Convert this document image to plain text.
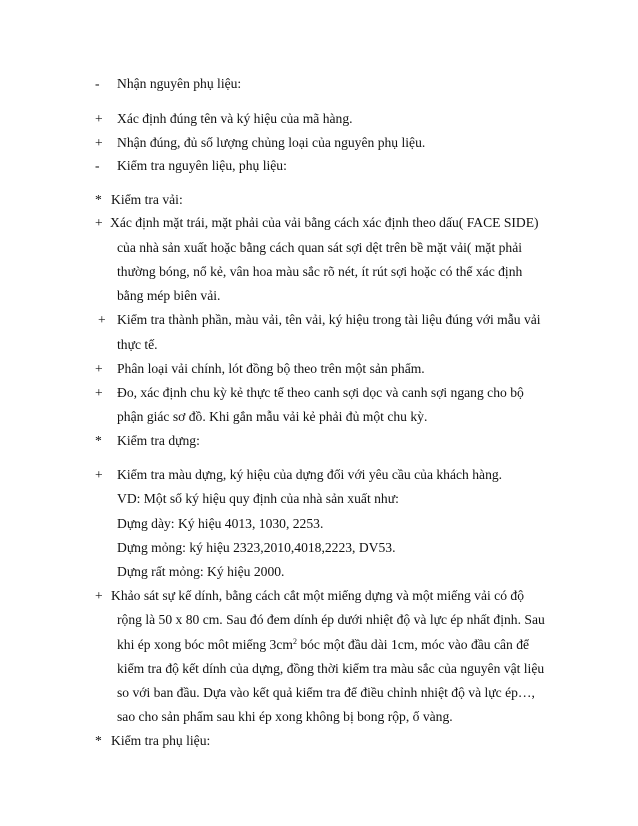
- Nhận nguyên phụ liệu:
+ Xác định đúng tên và ký hiệu của mã hàng.
+ Nhận đúng, đủ số lượng chủng loại của nguyên phụ liệu.
- Kiểm tra nguyên liệu, phụ liệu:
* Kiểm tra vải:
+ Xác định mặt trái, mặt phải của vải bằng cách xác định theo dấu( FACE SIDE)
của nhà sản xuất hoặc bằng cách quan sát sợi dệt trên bề mặt vải( mặt phải
thường bóng, nổ kẻ, vân hoa màu sắc rõ nét, ít rút sợi hoặc có thể xác định
bằng mép biên vải.
+ Kiểm tra thành phần, màu vải, tên vải, ký hiệu trong tài liệu đúng với mẫu vải
thực tế.
+ Phân loại vải chính, lót đồng bộ theo trên một sản phẩm.
+ Đo, xác định chu kỳ kẻ thực tế theo canh sợi dọc và canh sợi ngang cho bộ
phận giác sơ đồ. Khi gắn mẫu vải kẻ phải đủ một chu kỳ.
* Kiểm tra dựng:
+ Kiểm tra màu dựng, ký hiệu của dựng đối với yêu cầu của khách hàng.
VD: Một số ký hiệu quy định của nhà sản xuất như:
Dựng dày: Ký hiệu 4013, 1030, 2253.
Dựng mỏng: ký hiệu 2323,2010,4018,2223, DV53.
Dựng rất mỏng: Ký hiệu 2000.
+ Khảo sát sự kế dính, bằng cách cắt một miếng dựng và một miếng vải có độ
rộng là 50 x 80 cm. Sau đó đem dính ép dưới nhiệt độ và lực ép nhất định. Sau
khi ép xong bóc môt miếng $3cm^2$ bóc một đầu dài 1cm, móc vào đầu cân để
kiểm tra độ kết dính của dựng, đồng thời kiểm tra màu sắc của nguyên vật liệu
so với ban đầu. Dựa vào kết quả kiểm tra để điều chỉnh nhiệt độ và lực ép…,
sao cho sản phẩm sau khi ép xong không bị bong rộp, ố vàng.
* Kiểm tra phụ liệu:
